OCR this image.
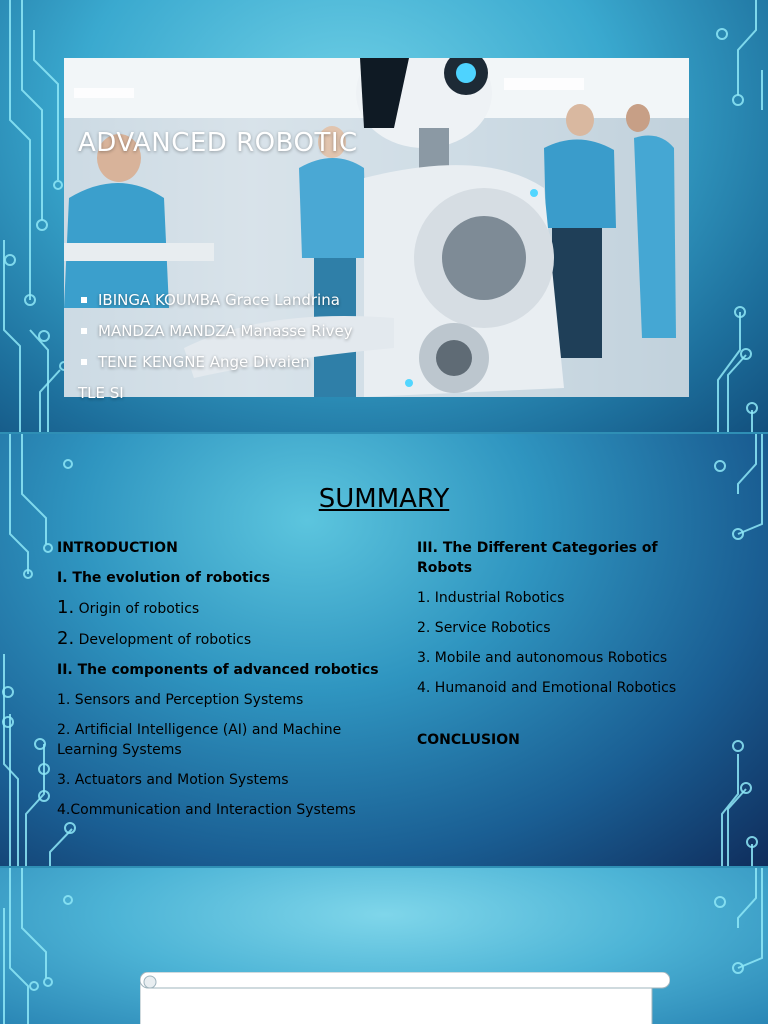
ADVANCED ROBOTIC
IBINGA KOUMBA Grace Landrina
MANDZA MANDZA Manasse Rivey
TENE KENGNE Ange Divaien
TLE SI
SUMMARY
INTRODUCTION
I. The evolution of robotics
1. Origin of robotics
2. Development of robotics
II. The components of advanced robotics
1. Sensors and Perception Systems
2. Artificial Intelligence (AI) and Machine Learning Systems
3. Actuators and Motion Systems
4.Communication and Interaction Systems
III. The Different Categories of Robots
1. Industrial Robotics
2. Service Robotics
3. Mobile and autonomous Robotics
4. Humanoid and Emotional Robotics
CONCLUSION
